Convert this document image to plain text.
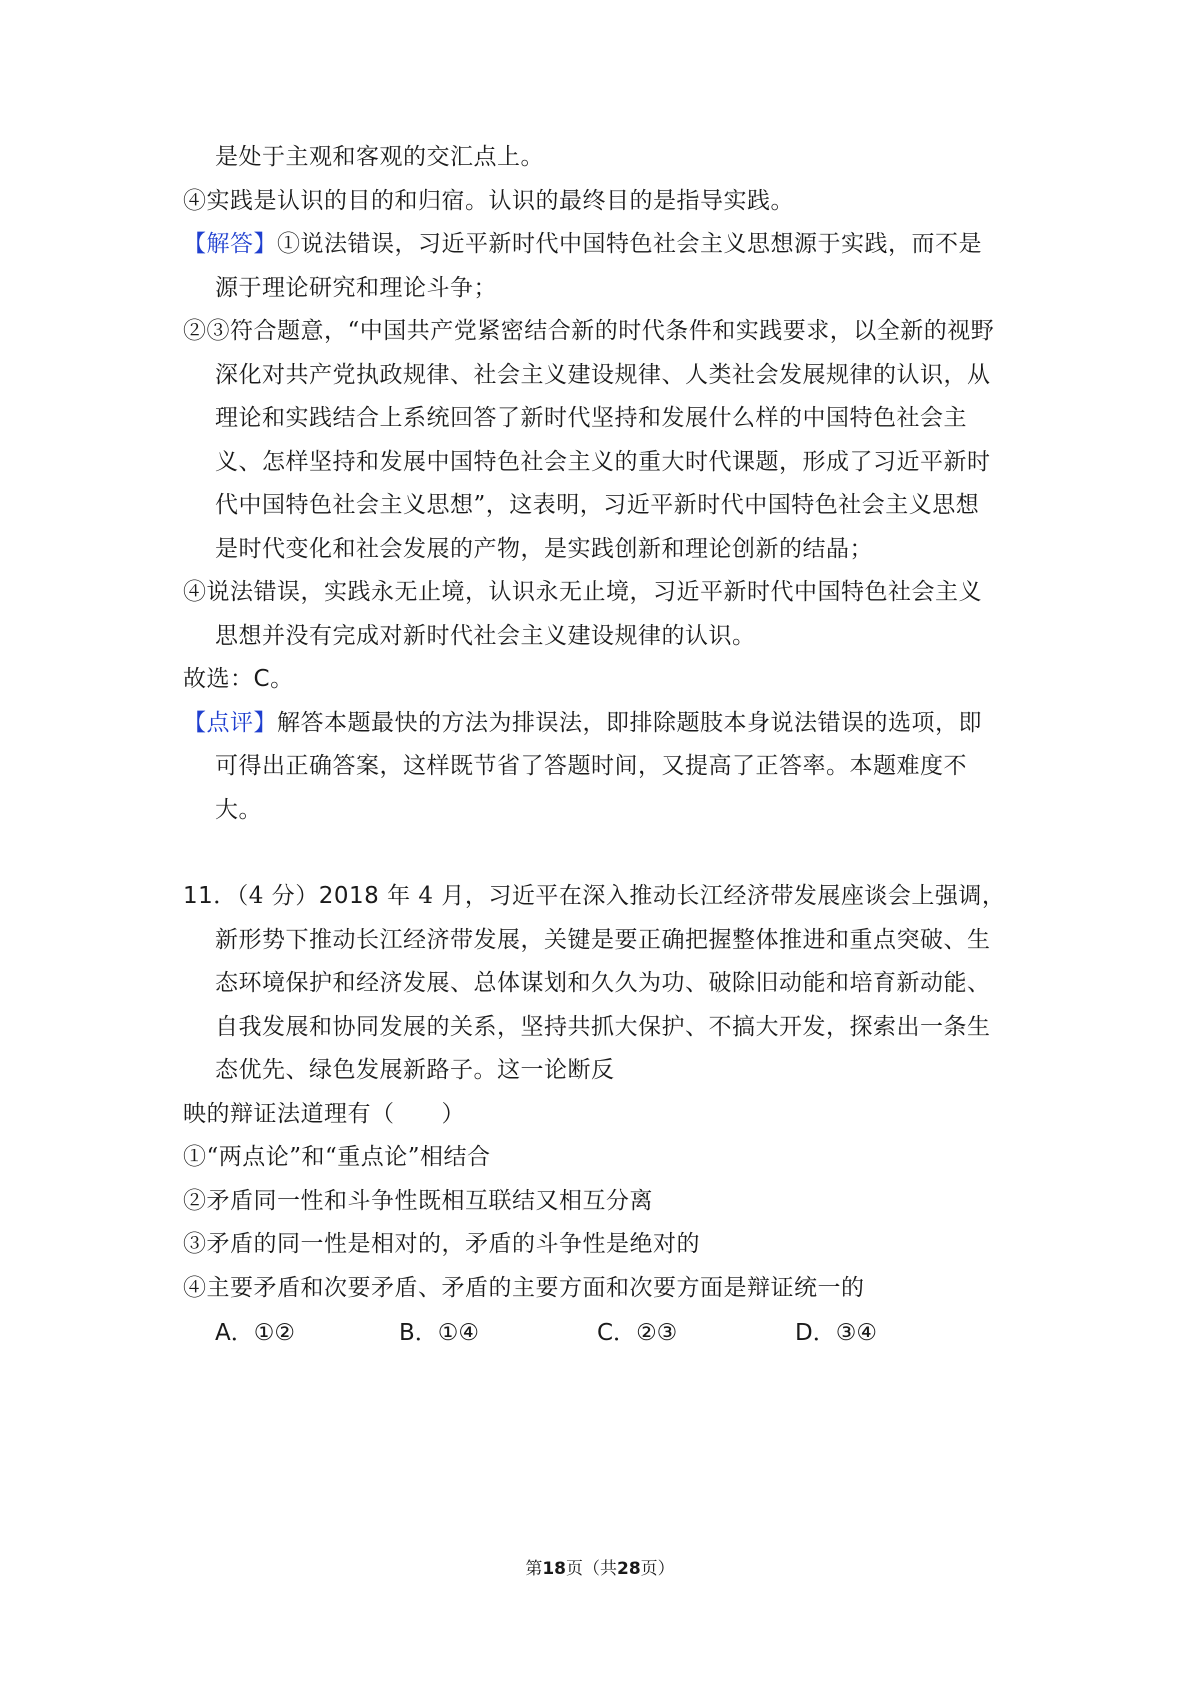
是处于主观和客观的交汇点上。
④实践是认识的目的和归宿。认识的最终目的是指导实践。
【解答】①说法错误，习近平新时代中国特色社会主义思想源于实践，而不是
源于理论研究和理论斗争；
②③符合题意，“中国共产党紧密结合新的时代条件和实践要求，以全新的视野
深化对共产党执政规律、社会主义建设规律、人类社会发展规律的认识，从
理论和实践结合上系统回答了新时代坚持和发展什么样的中国特色社会主
义、怎样坚持和发展中国特色社会主义的重大时代课题，形成了习近平新时
代中国特色社会主义思想”，这表明，习近平新时代中国特色社会主义思想
是时代变化和社会发展的产物，是实践创新和理论创新的结晶；
④说法错误，实践永无止境，认识永无止境，习近平新时代中国特色社会主义
思想并没有完成对新时代社会主义建设规律的认识。
故选：C。
【点评】解答本题最快的方法为排误法，即排除题肢本身说法错误的选项，即
可得出正确答案，这样既节省了答题时间，又提高了正答率。本题难度不
大。
11．（4 分）2018 年 4 月，习近平在深入推动长江经济带发展座谈会上强调，
新形势下推动长江经济带发展，关键是要正确把握整体推进和重点突破、生
态环境保护和经济发展、总体谋划和久久为功、破除旧动能和培育新动能、
自我发展和协同发展的关系，坚持共抓大保护、不搞大开发，探索出一条生
态优先、绿色发展新路子。这一论断反
映的辩证法道理有（　　）
①“两点论”和“重点论”相结合
②矛盾同一性和斗争性既相互联结又相互分离
③矛盾的同一性是相对的，矛盾的斗争性是绝对的
④主要矛盾和次要矛盾、矛盾的主要方面和次要方面是辩证统一的
A．①②	B．①④	C．②③	D．③④
第18页（共28页）
